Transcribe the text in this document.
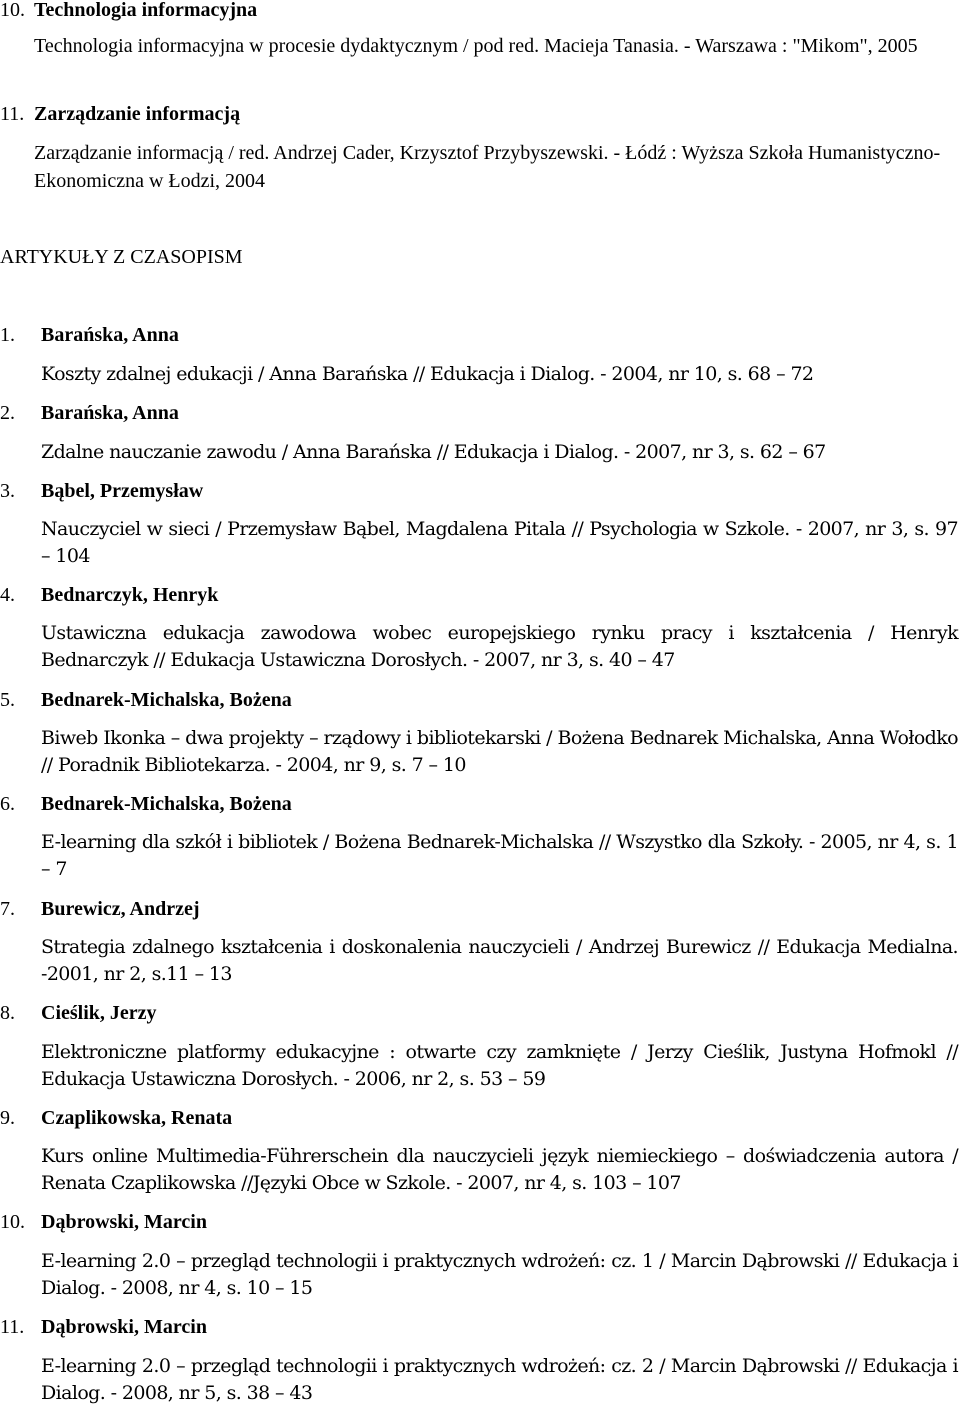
10. Technologia informacyjna
Technologia informacyjna w procesie dydaktycznym / pod red. Macieja Tanasia. - Warszawa : "Mikom", 2005
11. Zarządzanie informacją
Zarządzanie informacją / red. Andrzej Cader, Krzysztof Przybyszewski. - Łódź : Wyższa Szkoła Humanistyczno-Ekonomiczna w Łodzi, 2004
ARTYKUŁY Z CZASOPISM
1. Barańska, Anna
Koszty zdalnej edukacji / Anna Barańska // Edukacja i Dialog. - 2004, nr 10, s. 68 – 72
2. Barańska, Anna
Zdalne nauczanie zawodu / Anna Barańska // Edukacja i Dialog. - 2007, nr 3, s. 62 – 67
3. Bąbel, Przemysław
Nauczyciel w sieci / Przemysław Bąbel, Magdalena Pitala // Psychologia w Szkole. - 2007, nr 3, s. 97 – 104
4. Bednarczyk, Henryk
Ustawiczna edukacja zawodowa wobec europejskiego rynku pracy i kształcenia / Henryk Bednarczyk // Edukacja Ustawiczna Dorosłych. - 2007, nr 3, s. 40 – 47
5. Bednarek-Michalska, Bożena
Biweb Ikonka – dwa projekty – rządowy i bibliotekarski / Bożena Bednarek Michalska, Anna Wołodko // Poradnik Bibliotekarza. - 2004, nr 9, s. 7 – 10
6. Bednarek-Michalska, Bożena
E-learning dla szkół i bibliotek / Bożena Bednarek-Michalska // Wszystko dla Szkoły. - 2005, nr 4, s. 1 – 7
7. Burewicz, Andrzej
Strategia zdalnego kształcenia i doskonalenia nauczycieli / Andrzej Burewicz // Edukacja Medialna. -2001, nr 2, s.11 – 13
8. Cieślik, Jerzy
Elektroniczne platformy edukacyjne : otwarte czy zamknięte / Jerzy Cieślik, Justyna Hofmokl // Edukacja Ustawiczna Dorosłych. - 2006, nr 2, s. 53 – 59
9. Czaplikowska, Renata
Kurs online Multimedia-Führerschein dla nauczycieli język niemieckiego – doświadczenia autora / Renata Czaplikowska //Języki Obce w Szkole. - 2007, nr 4, s. 103 – 107
10. Dąbrowski, Marcin
E-learning 2.0 – przegląd technologii i praktycznych wdrożeń: cz. 1 / Marcin Dąbrowski // Edukacja i Dialog. - 2008, nr 4, s. 10 – 15
11. Dąbrowski, Marcin
E-learning 2.0 – przegląd technologii i praktycznych wdrożeń: cz. 2 / Marcin Dąbrowski // Edukacja i Dialog. - 2008, nr 5, s. 38 – 43
